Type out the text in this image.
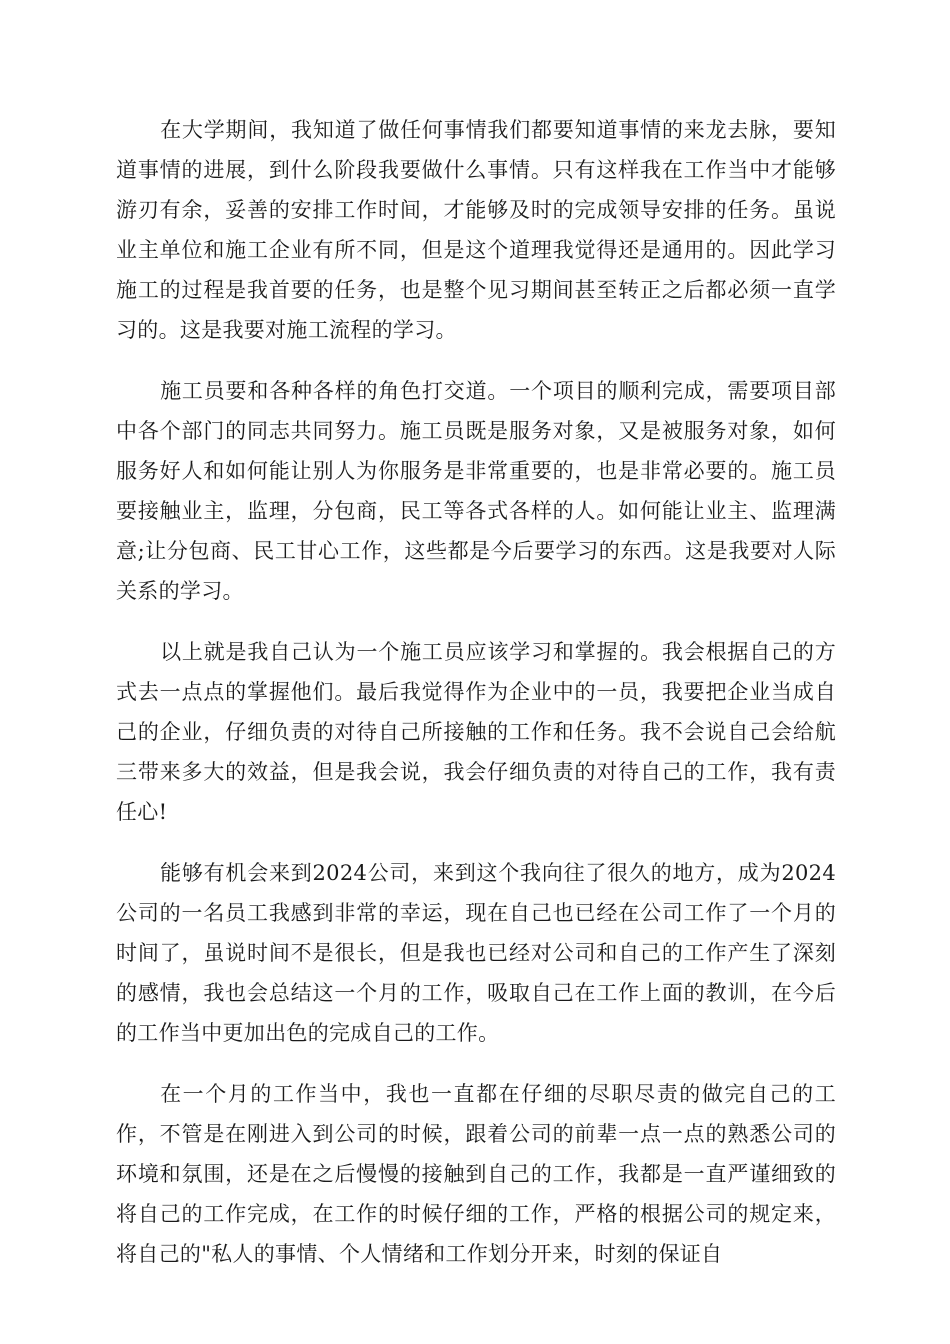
在大学期间，我知道了做任何事情我们都要知道事情的来龙去脉，要知道事情的进展，到什么阶段我要做什么事情。只有这样我在工作当中才能够游刃有余，妥善的安排工作时间，才能够及时的完成领导安排的任务。虽说业主单位和施工企业有所不同，但是这个道理我觉得还是通用的。因此学习施工的过程是我首要的任务，也是整个见习期间甚至转正之后都必须一直学习的。这是我要对施工流程的学习。

施工员要和各种各样的角色打交道。一个项目的顺利完成，需要项目部中各个部门的同志共同努力。施工员既是服务对象，又是被服务对象，如何服务好人和如何能让别人为你服务是非常重要的，也是非常必要的。施工员要接触业主，监理，分包商，民工等各式各样的人。如何能让业主、监理满意;让分包商、民工甘心工作，这些都是今后要学习的东西。这是我要对人际关系的学习。

以上就是我自己认为一个施工员应该学习和掌握的。我会根据自己的方式去一点点的掌握他们。最后我觉得作为企业中的一员，我要把企业当成自己的企业，仔细负责的对待自己所接触的工作和任务。我不会说自己会给航三带来多大的效益，但是我会说，我会仔细负责的对待自己的工作，我有责任心!

能够有机会来到2024公司，来到这个我向往了很久的地方，成为2024公司的一名员工我感到非常的幸运，现在自己也已经在公司工作了一个月的时间了，虽说时间不是很长，但是我也已经对公司和自己的工作产生了深刻的感情，我也会总结这一个月的工作，吸取自己在工作上面的教训，在今后的工作当中更加出色的完成自己的工作。

在一个月的工作当中，我也一直都在仔细的尽职尽责的做完自己的工作，不管是在刚进入到公司的时候，跟着公司的前辈一点一点的熟悉公司的环境和氛围，还是在之后慢慢的接触到自己的工作，我都是一直严谨细致的将自己的工作完成，在工作的时候仔细的工作，严格的根据公司的规定来，将自己的"私人的事情、个人情绪和工作划分开来，时刻的保证自
